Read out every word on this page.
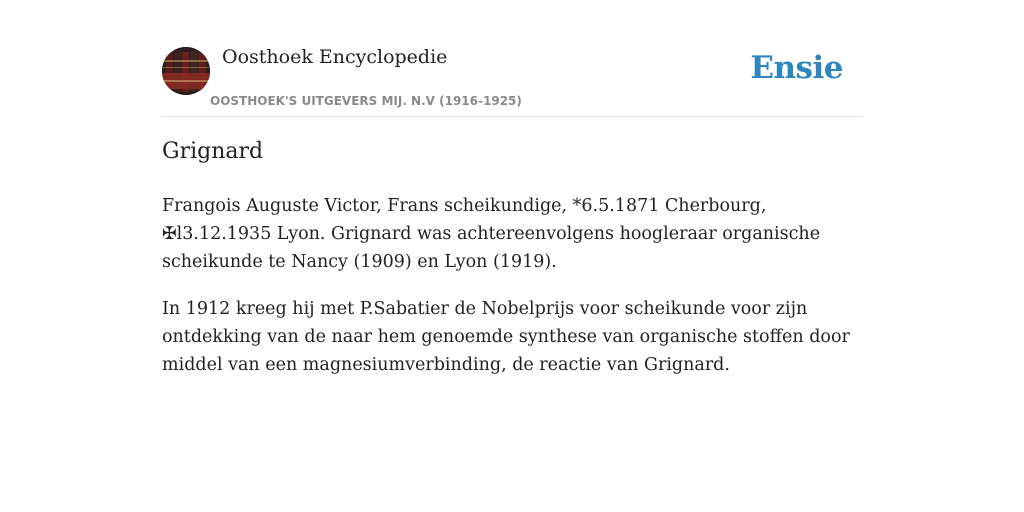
Oosthoek Encyclopedie
OOSTHOEK'S UITGEVERS MIJ. N.V (1916-1925)
Ensie
Grignard

Frangois Auguste Victor, Frans scheikundige, *6.5.1871 Cherbourg, ✠l3.12.1935 Lyon. Grignard was achtereenvolgens hoogleraar organische scheikunde te Nancy (1909) en Lyon (1919).

In 1912 kreeg hij met P.Sabatier de Nobelprijs voor scheikunde voor zijn ontdekking van de naar hem genoemde synthese van organische stoffen door middel van een magnesiumverbinding, de reactie van Grignard.
